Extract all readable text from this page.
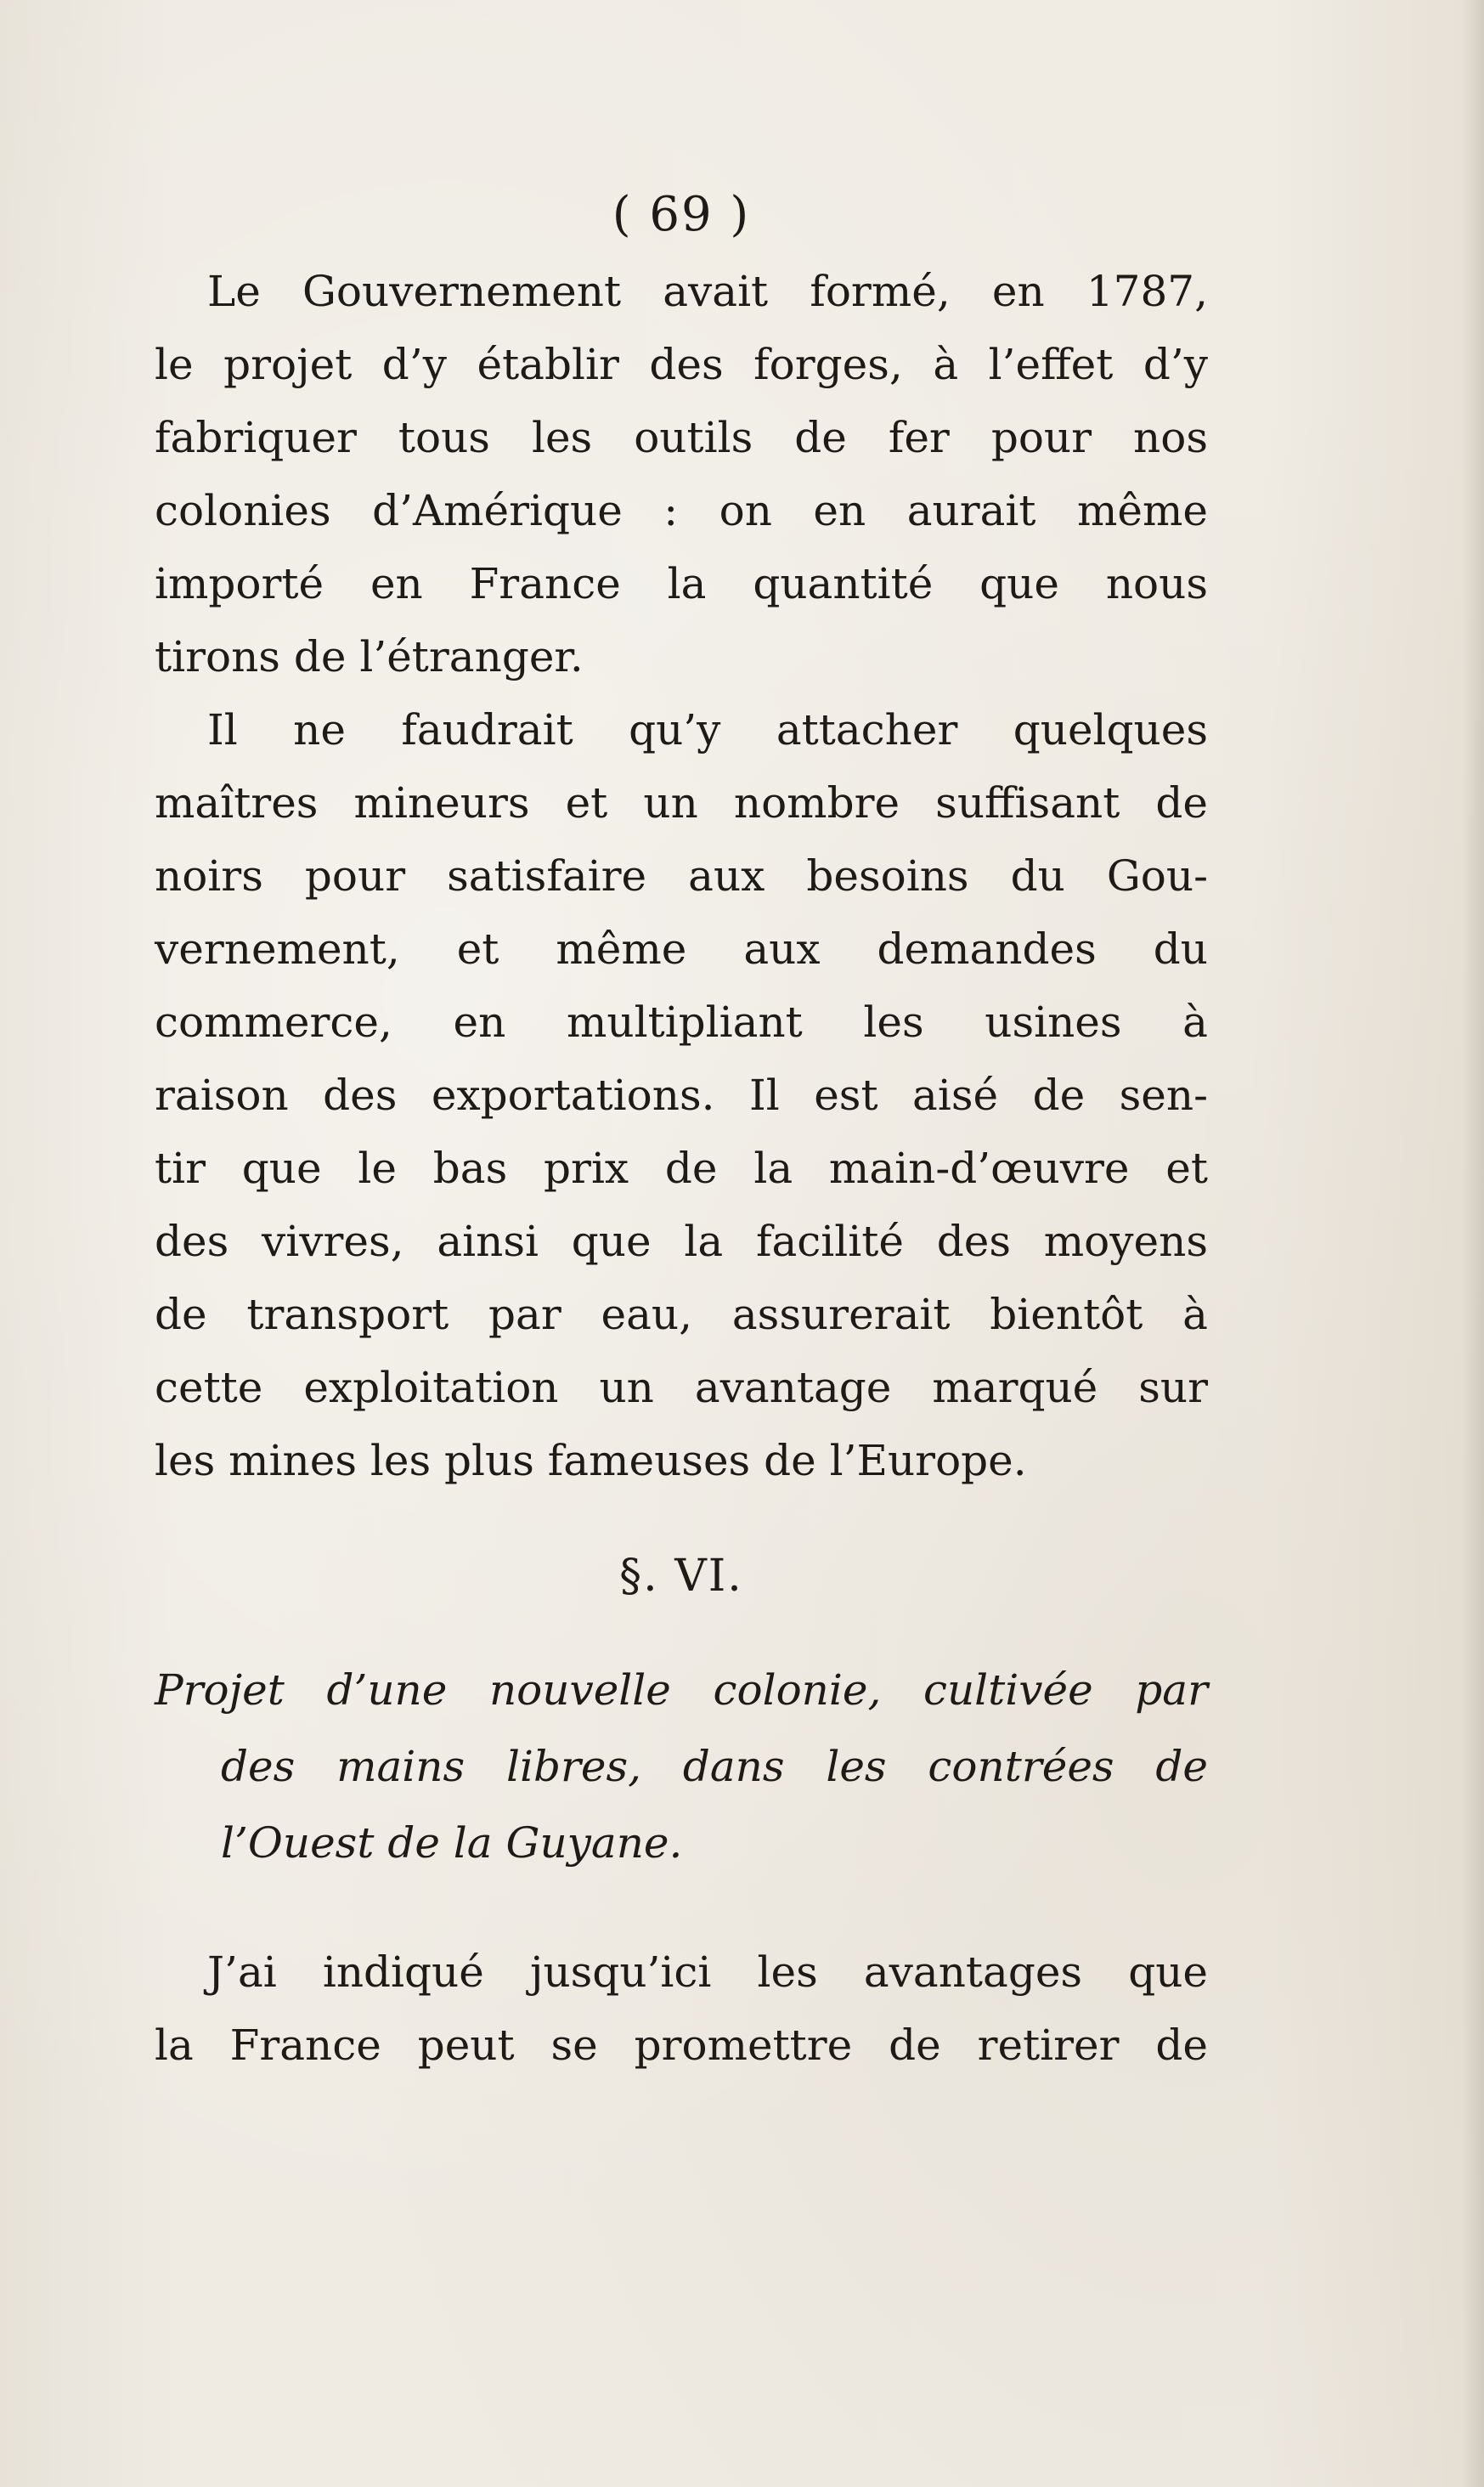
( 69 )
Le Gouvernement avait formé, en 1787,
le projet d’y établir des forges, à l’effet d’y
fabriquer tous les outils de fer pour nos
colonies d’Amérique : on en aurait même
importé en France la quantité que nous
tirons de l’étranger.
Il ne faudrait qu’y attacher quelques
maîtres mineurs et un nombre suffisant de
noirs pour satisfaire aux besoins du Gou-
vernement, et même aux demandes du
commerce, en multipliant les usines à
raison des exportations. Il est aisé de sen-
tir que le bas prix de la main-d’œuvre et
des vivres, ainsi que la facilité des moyens
de transport par eau, assurerait bientôt à
cette exploitation un avantage marqué sur
les mines les plus fameuses de l’Europe.
§. VI.
Projet d’une nouvelle colonie, cultivée par
des mains libres, dans les contrées de
l’Ouest de la Guyane.
J’ai indiqué jusqu’ici les avantages que
la France peut se promettre de retirer de
